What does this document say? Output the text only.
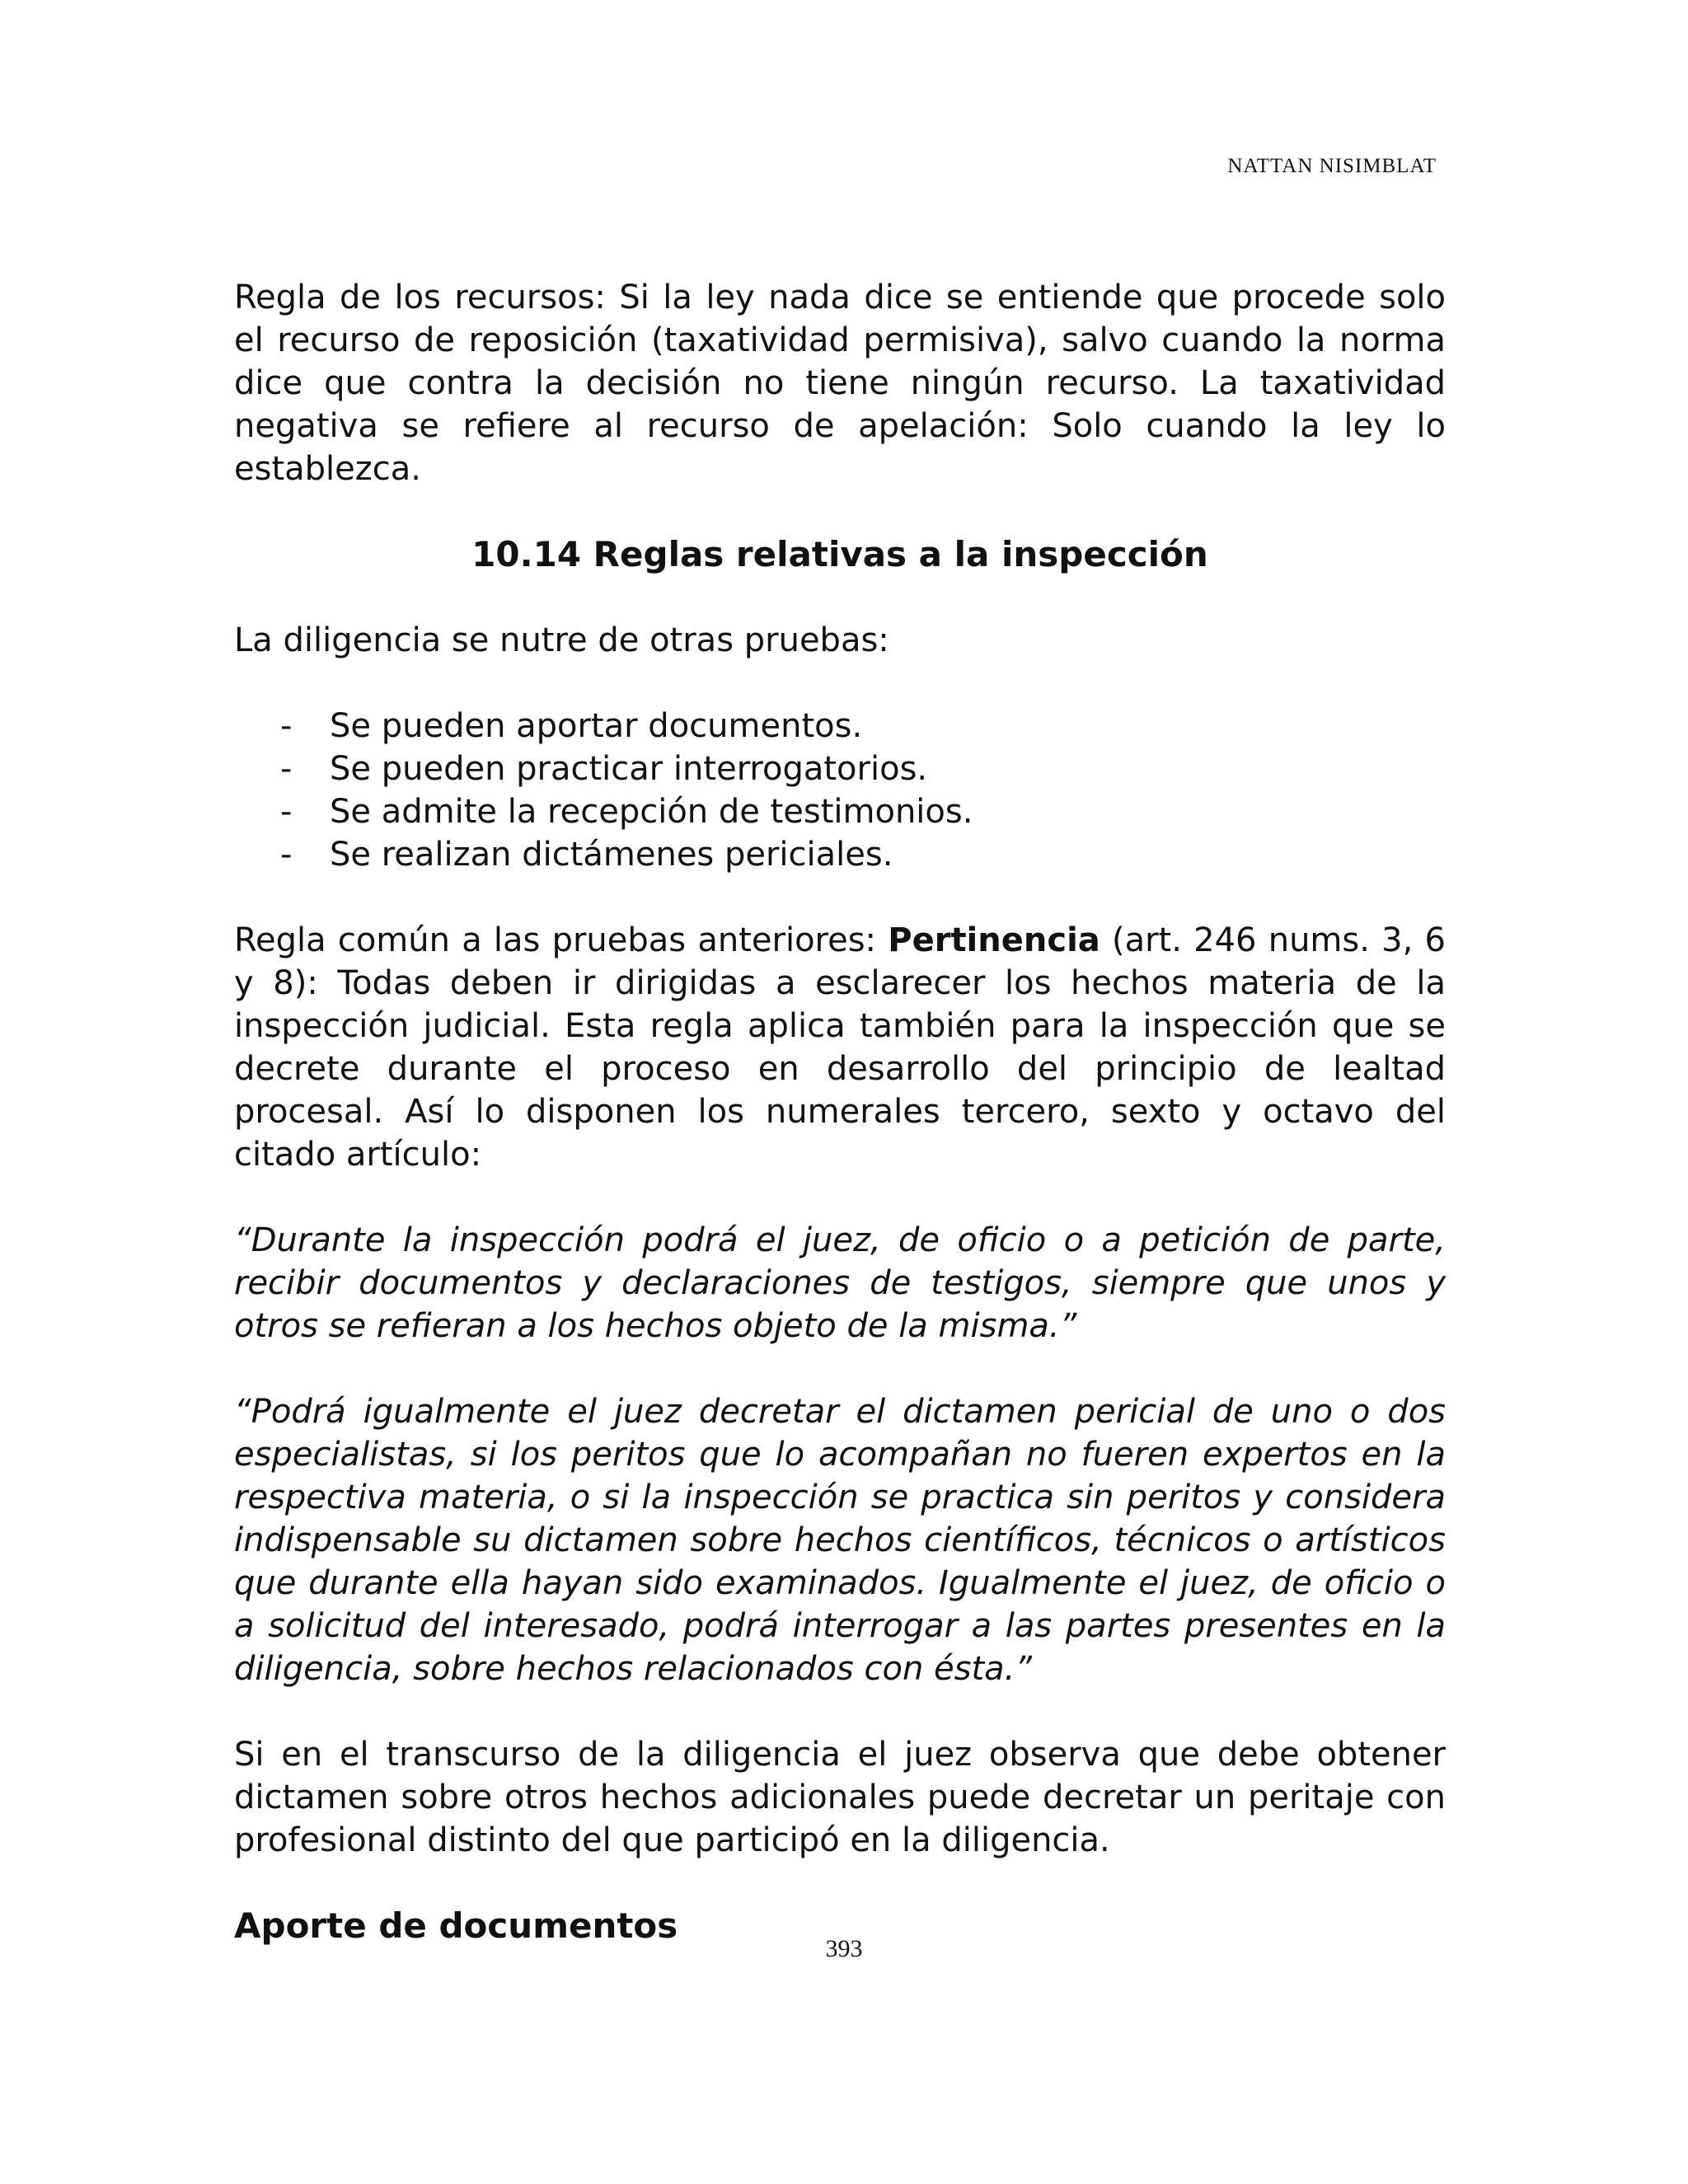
NATTAN NISIMBLAT

Regla de los recursos: Si la ley nada dice se entiende que procede solo el recurso de reposición (taxatividad permisiva), salvo cuando la norma dice que contra la decisión no tiene ningún recurso. La taxatividad negativa se refiere al recurso de apelación: Solo cuando la ley lo establezca.

10.14 Reglas relativas a la inspección

La diligencia se nutre de otras pruebas:

-	Se pueden aportar documentos.
-	Se pueden practicar interrogatorios.
-	Se admite la recepción de testimonios.
-	Se realizan dictámenes periciales.

Regla común a las pruebas anteriores: Pertinencia (art. 246 nums. 3, 6 y 8): Todas deben ir dirigidas a esclarecer los hechos materia de la inspección judicial. Esta regla aplica también para la inspección que se decrete durante el proceso en desarrollo del principio de lealtad procesal. Así lo disponen los numerales tercero, sexto y octavo del citado artículo:

“Durante la inspección podrá el juez, de oficio o a petición de parte, recibir documentos y declaraciones de testigos, siempre que unos y otros se refieran a los hechos objeto de la misma.”

“Podrá igualmente el juez decretar el dictamen pericial de uno o dos especialistas, si los peritos que lo acompañan no fueren expertos en la respectiva materia, o si la inspección se practica sin peritos y considera indispensable su dictamen sobre hechos científicos, técnicos o artísticos que durante ella hayan sido examinados. Igualmente el juez, de oficio o a solicitud del interesado, podrá interrogar a las partes presentes en la diligencia, sobre hechos relacionados con ésta.”

Si en el transcurso de la diligencia el juez observa que debe obtener dictamen sobre otros hechos adicionales puede decretar un peritaje con profesional distinto del que participó en la diligencia.

Aporte de documentos

393
